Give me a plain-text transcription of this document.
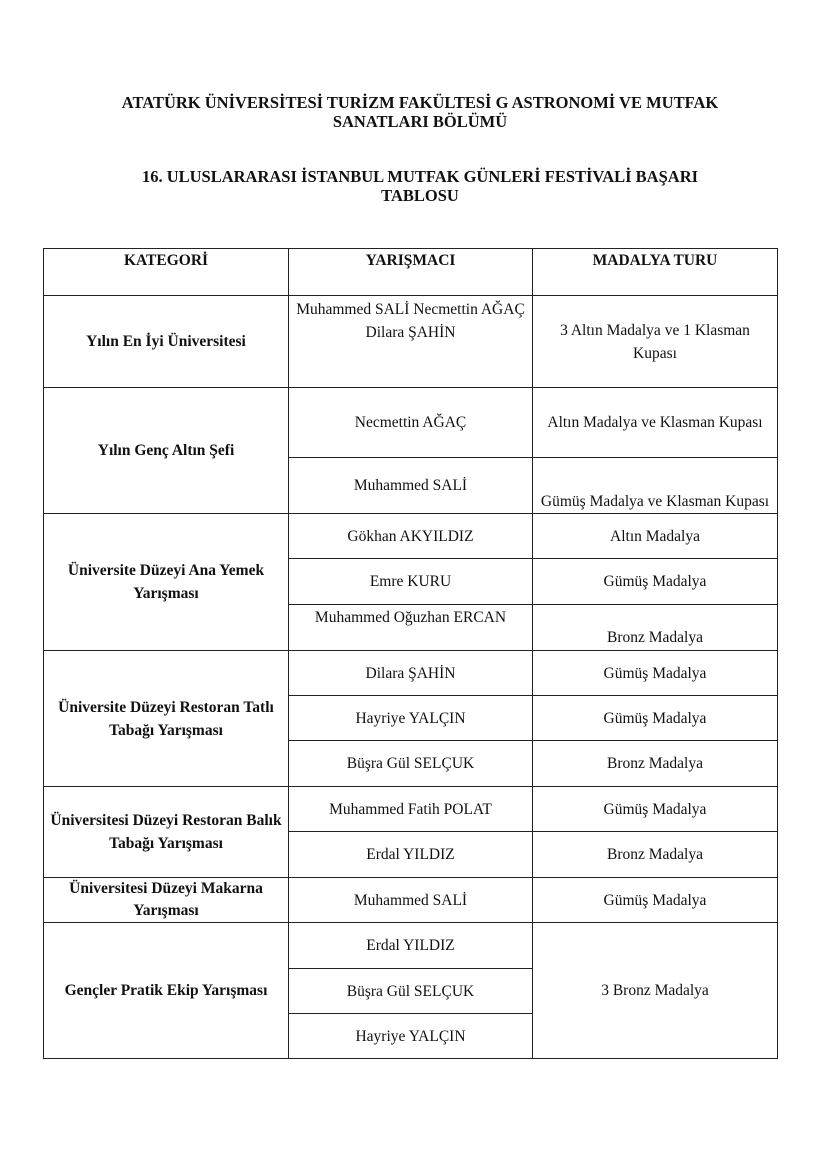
ATATÜRK ÜNİVERSİTESİ TURİZM FAKÜLTESİ G ASTRONOMİ VE MUTFAK
SANATLARI BÖLÜMÜ
16. ULUSLARARASI İSTANBUL MUTFAK GÜNLERİ FESTİVALİ BAŞARI
TABLOSU
KATEGORİ	YARIŞMACI	MADALYA TURU
Yılın En İyi Üniversitesi
Yılın Genç Altın Şefi
Üniversite Düzeyi Ana Yemek Yarışması
Üniversite Düzeyi Restoran Tatlı Tabağı Yarışması
Üniversitesi Düzeyi Restoran Balık Tabağı Yarışması
Üniversitesi Düzeyi Makarna Yarışması
Gençler Pratik Ekip Yarışması
Muhammed SALİ Necmettin AĞAÇ Dilara ŞAHİN
Necmettin AĞAÇ
Muhammed SALİ
Gökhan AKYILDIZ
Emre KURU
Muhammed Oğuzhan ERCAN
Dilara ŞAHİN
Hayriye YALÇIN
Büşra Gül SELÇUK
Muhammed Fatih POLAT
Erdal YILDIZ
Muhammed SALİ
Erdal YILDIZ
Büşra Gül SELÇUK
Hayriye YALÇIN
3 Altın Madalya ve 1 Klasman Kupası
Altın Madalya ve Klasman Kupası
Gümüş Madalya ve Klasman Kupası
Altın Madalya
Gümüş Madalya
Bronz Madalya
Gümüş Madalya
Gümüş Madalya
Bronz Madalya
Gümüş Madalya
Bronz Madalya
Gümüş Madalya
3 Bronz Madalya
